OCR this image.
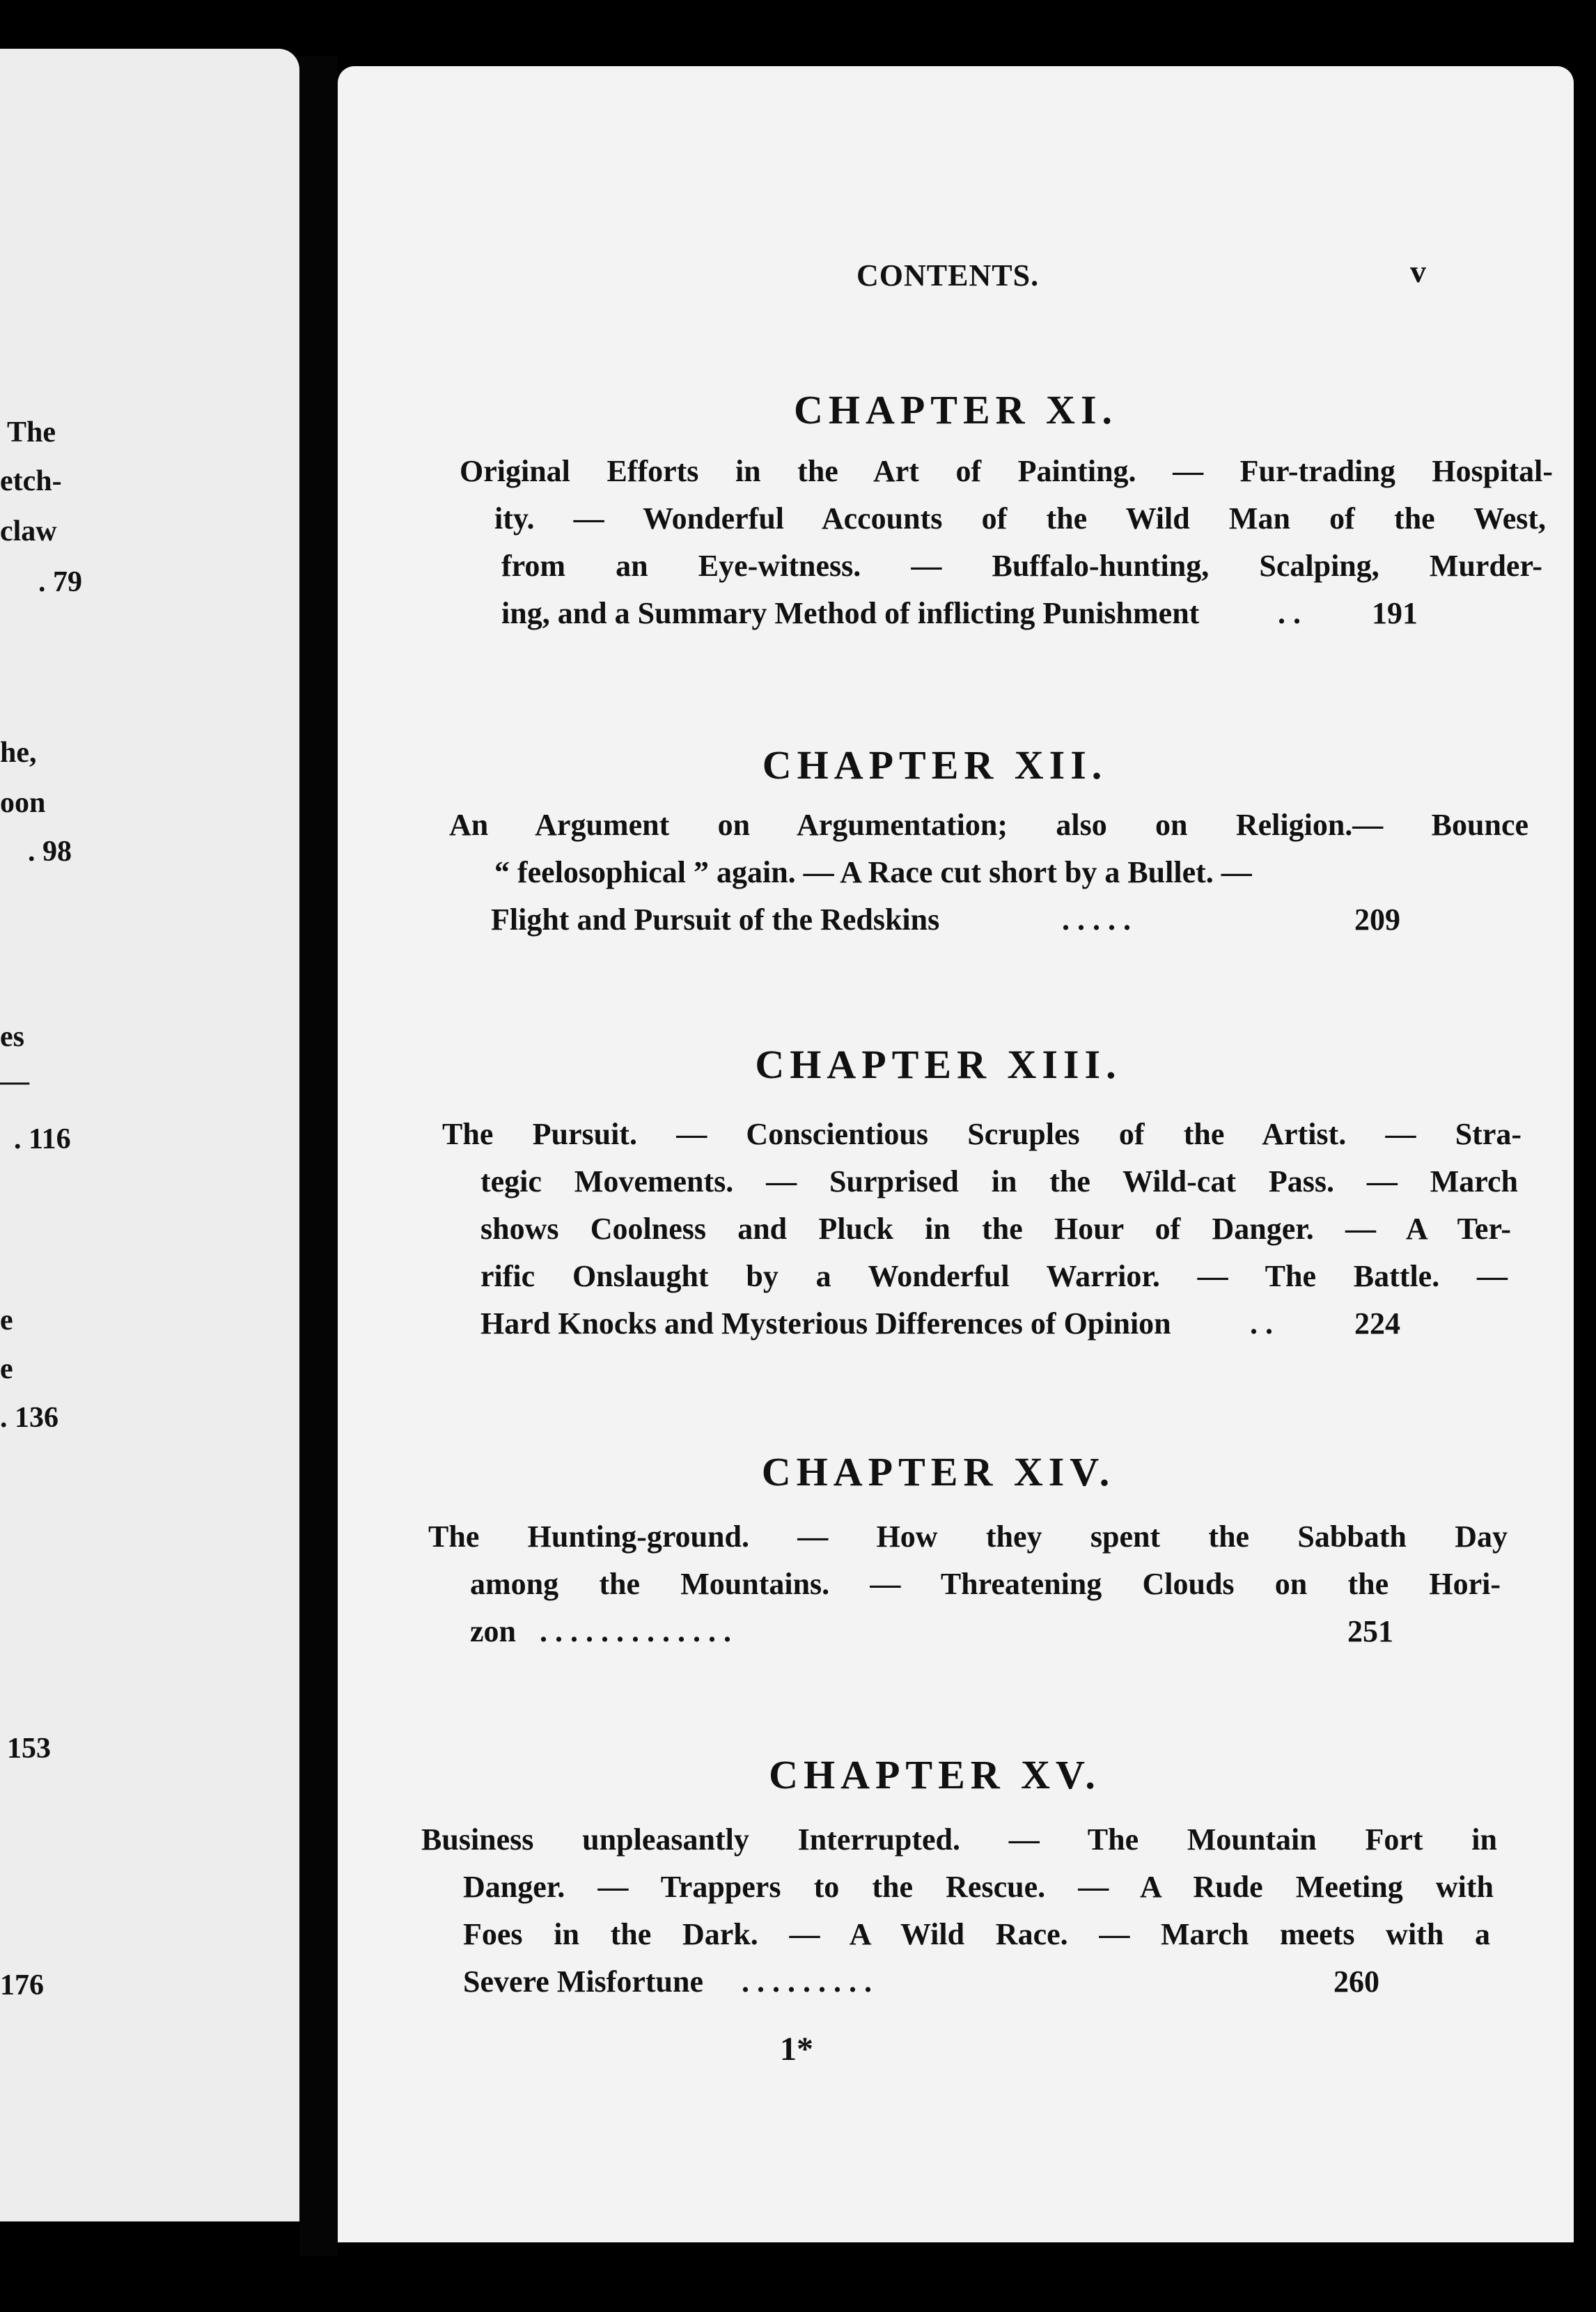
The
etch-
claw
. 79
he,
oon
. 98
es
—
. 116
e
e
. 136
153
176
CONTENTS.	v
CHAPTER XI.
Original Efforts in the Art of Painting. — Fur-trading Hospital-
ity. — Wonderful Accounts of the Wild Man of the West,
from an Eye-witness. — Buffalo-hunting, Scalping, Murder-
ing, and a Summary Method of inflicting Punishment	. . 191
CHAPTER XII.
An Argument on Argumentation; also on Religion.— Bounce
“ feelosophical ” again. — A Race cut short by a Bullet. —
Flight and Pursuit of the Redskins	. . . . .	209
CHAPTER XIII.
The Pursuit. — Conscientious Scruples of the Artist. — Stra-
tegic Movements. — Surprised in the Wild-cat Pass. — March
shows Coolness and Pluck in the Hour of Danger. — A Ter-
rific Onslaught by a Wonderful Warrior. — The Battle. —
Hard Knocks and Mysterious Differences of Opinion	. .	224
CHAPTER XIV.
The Hunting-ground. — How they spent the Sabbath Day
among the Mountains. — Threatening Clouds on the Hori-
zon . . . . . . . . . . . . .	251
CHAPTER XV.
Business unpleasantly Interrupted. — The Mountain Fort in
Danger. — Trappers to the Rescue. — A Rude Meeting with
Foes in the Dark. — A Wild Race. — March meets with a
Severe Misfortune . . . . . . . . .	260
1*
